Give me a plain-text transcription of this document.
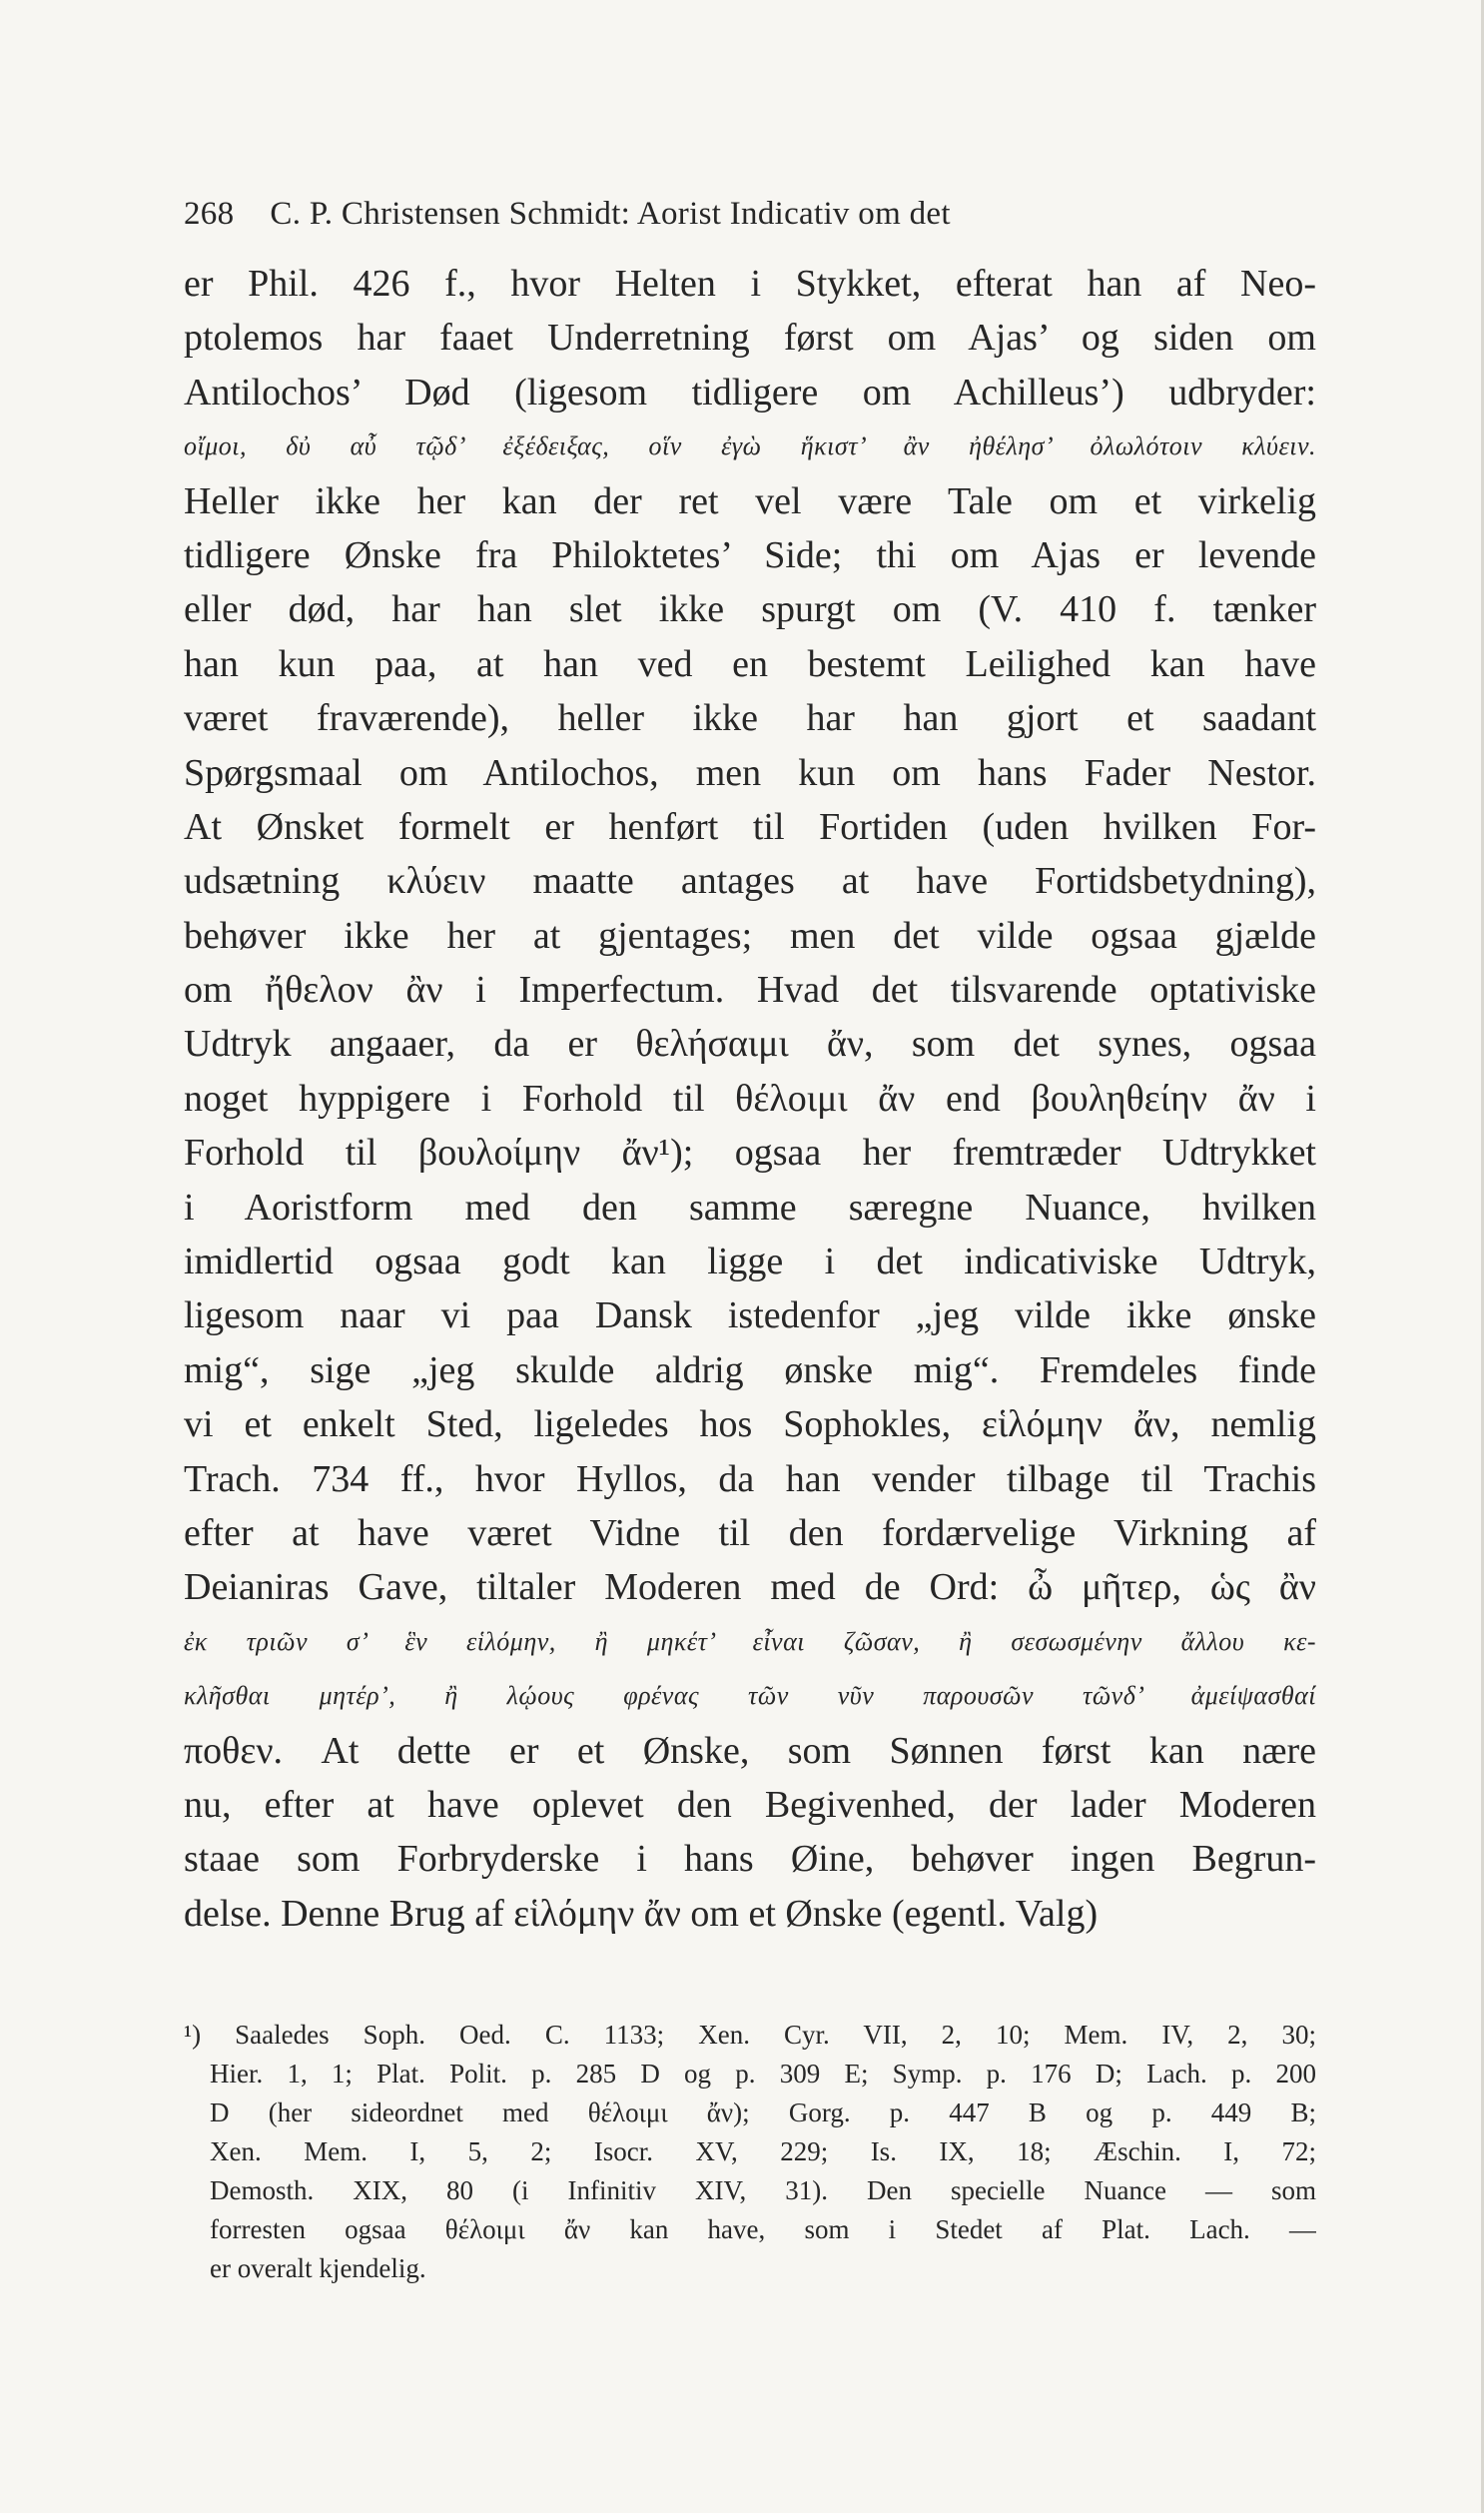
268 C. P. Christensen Schmidt: Aorist Indicativ om det
er Phil. 426 f., hvor Helten i Stykket, efterat han af Neo-
ptolemos har faaet Underretning først om Ajas’ og siden om
Antilochos’ Død (ligesom tidligere om Achilleus’) udbryder:
οἴμοι, δὐ αὖ τῷδ’ ἐξέδειξας, οἵν ἐγὼ ἥκιστ’ ἂν ἠθέλησ’ ὀλωλότοιν κλύειν.
Heller ikke her kan der ret vel være Tale om et virkelig
tidligere Ønske fra Philoktetes’ Side; thi om Ajas er levende
eller død, har han slet ikke spurgt om (V. 410 f. tænker
han kun paa, at han ved en bestemt Leilighed kan have
været fraværende), heller ikke har han gjort et saadant
Spørgsmaal om Antilochos, men kun om hans Fader Nestor.
At Ønsket formelt er henført til Fortiden (uden hvilken For-
udsætning κλύειν maatte antages at have Fortidsbetydning),
behøver ikke her at gjentages; men det vilde ogsaa gjælde
om ἤθελον ἂν i Imperfectum. Hvad det tilsvarende optativiske
Udtryk angaaer, da er θελήσαιμι ἄν, som det synes, ogsaa
noget hyppigere i Forhold til θέλοιμι ἄν end βουληθείην ἄν i
Forhold til βουλοίμην ἄν¹); ogsaa her fremtræder Udtrykket
i Aoristform med den samme særegne Nuance, hvilken
imidlertid ogsaa godt kan ligge i det indicativiske Udtryk,
ligesom naar vi paa Dansk istedenfor „jeg vilde ikke ønske
mig“, sige „jeg skulde aldrig ønske mig“. Fremdeles finde
vi et enkelt Sted, ligeledes hos Sophokles, εἱλόμην ἄν, nemlig
Trach. 734 ff., hvor Hyllos, da han vender tilbage til Trachis
efter at have været Vidne til den fordærvelige Virkning af
Deianiras Gave, tiltaler Moderen med de Ord: ὦ μῆτερ, ὡς ἂν
ἐκ τριῶν σ’ ἓν εἱλόμην, ἢ μηκέτ’ εἶναι ζῶσαν, ἢ σεσωσμένην ἄλλου κε-
κλῆσθαι μητέρ’, ἢ λῴους φρένας τῶν νῦν παρουσῶν τῶνδ’ ἀμείψασθαί
ποθεν. At dette er et Ønske, som Sønnen først kan nære
nu, efter at have oplevet den Begivenhed, der lader Moderen
staae som Forbryderske i hans Øine, behøver ingen Begrun-
delse. Denne Brug af εἱλόμην ἄν om et Ønske (egentl. Valg)
¹) Saaledes Soph. Oed. C. 1133; Xen. Cyr. VII, 2, 10; Mem. IV, 2, 30;
Hier. 1, 1; Plat. Polit. p. 285 D og p. 309 E; Symp. p. 176 D; Lach. p. 200
D (her sideordnet med θέλοιμι ἄν); Gorg. p. 447 B og p. 449 B;
Xen. Mem. I, 5, 2; Isocr. XV, 229; Is. IX, 18; Æschin. I, 72;
Demosth. XIX, 80 (i Infinitiv XIV, 31). Den specielle Nuance — som
forresten ogsaa θέλοιμι ἄν kan have, som i Stedet af Plat. Lach. —
er overalt kjendelig.
